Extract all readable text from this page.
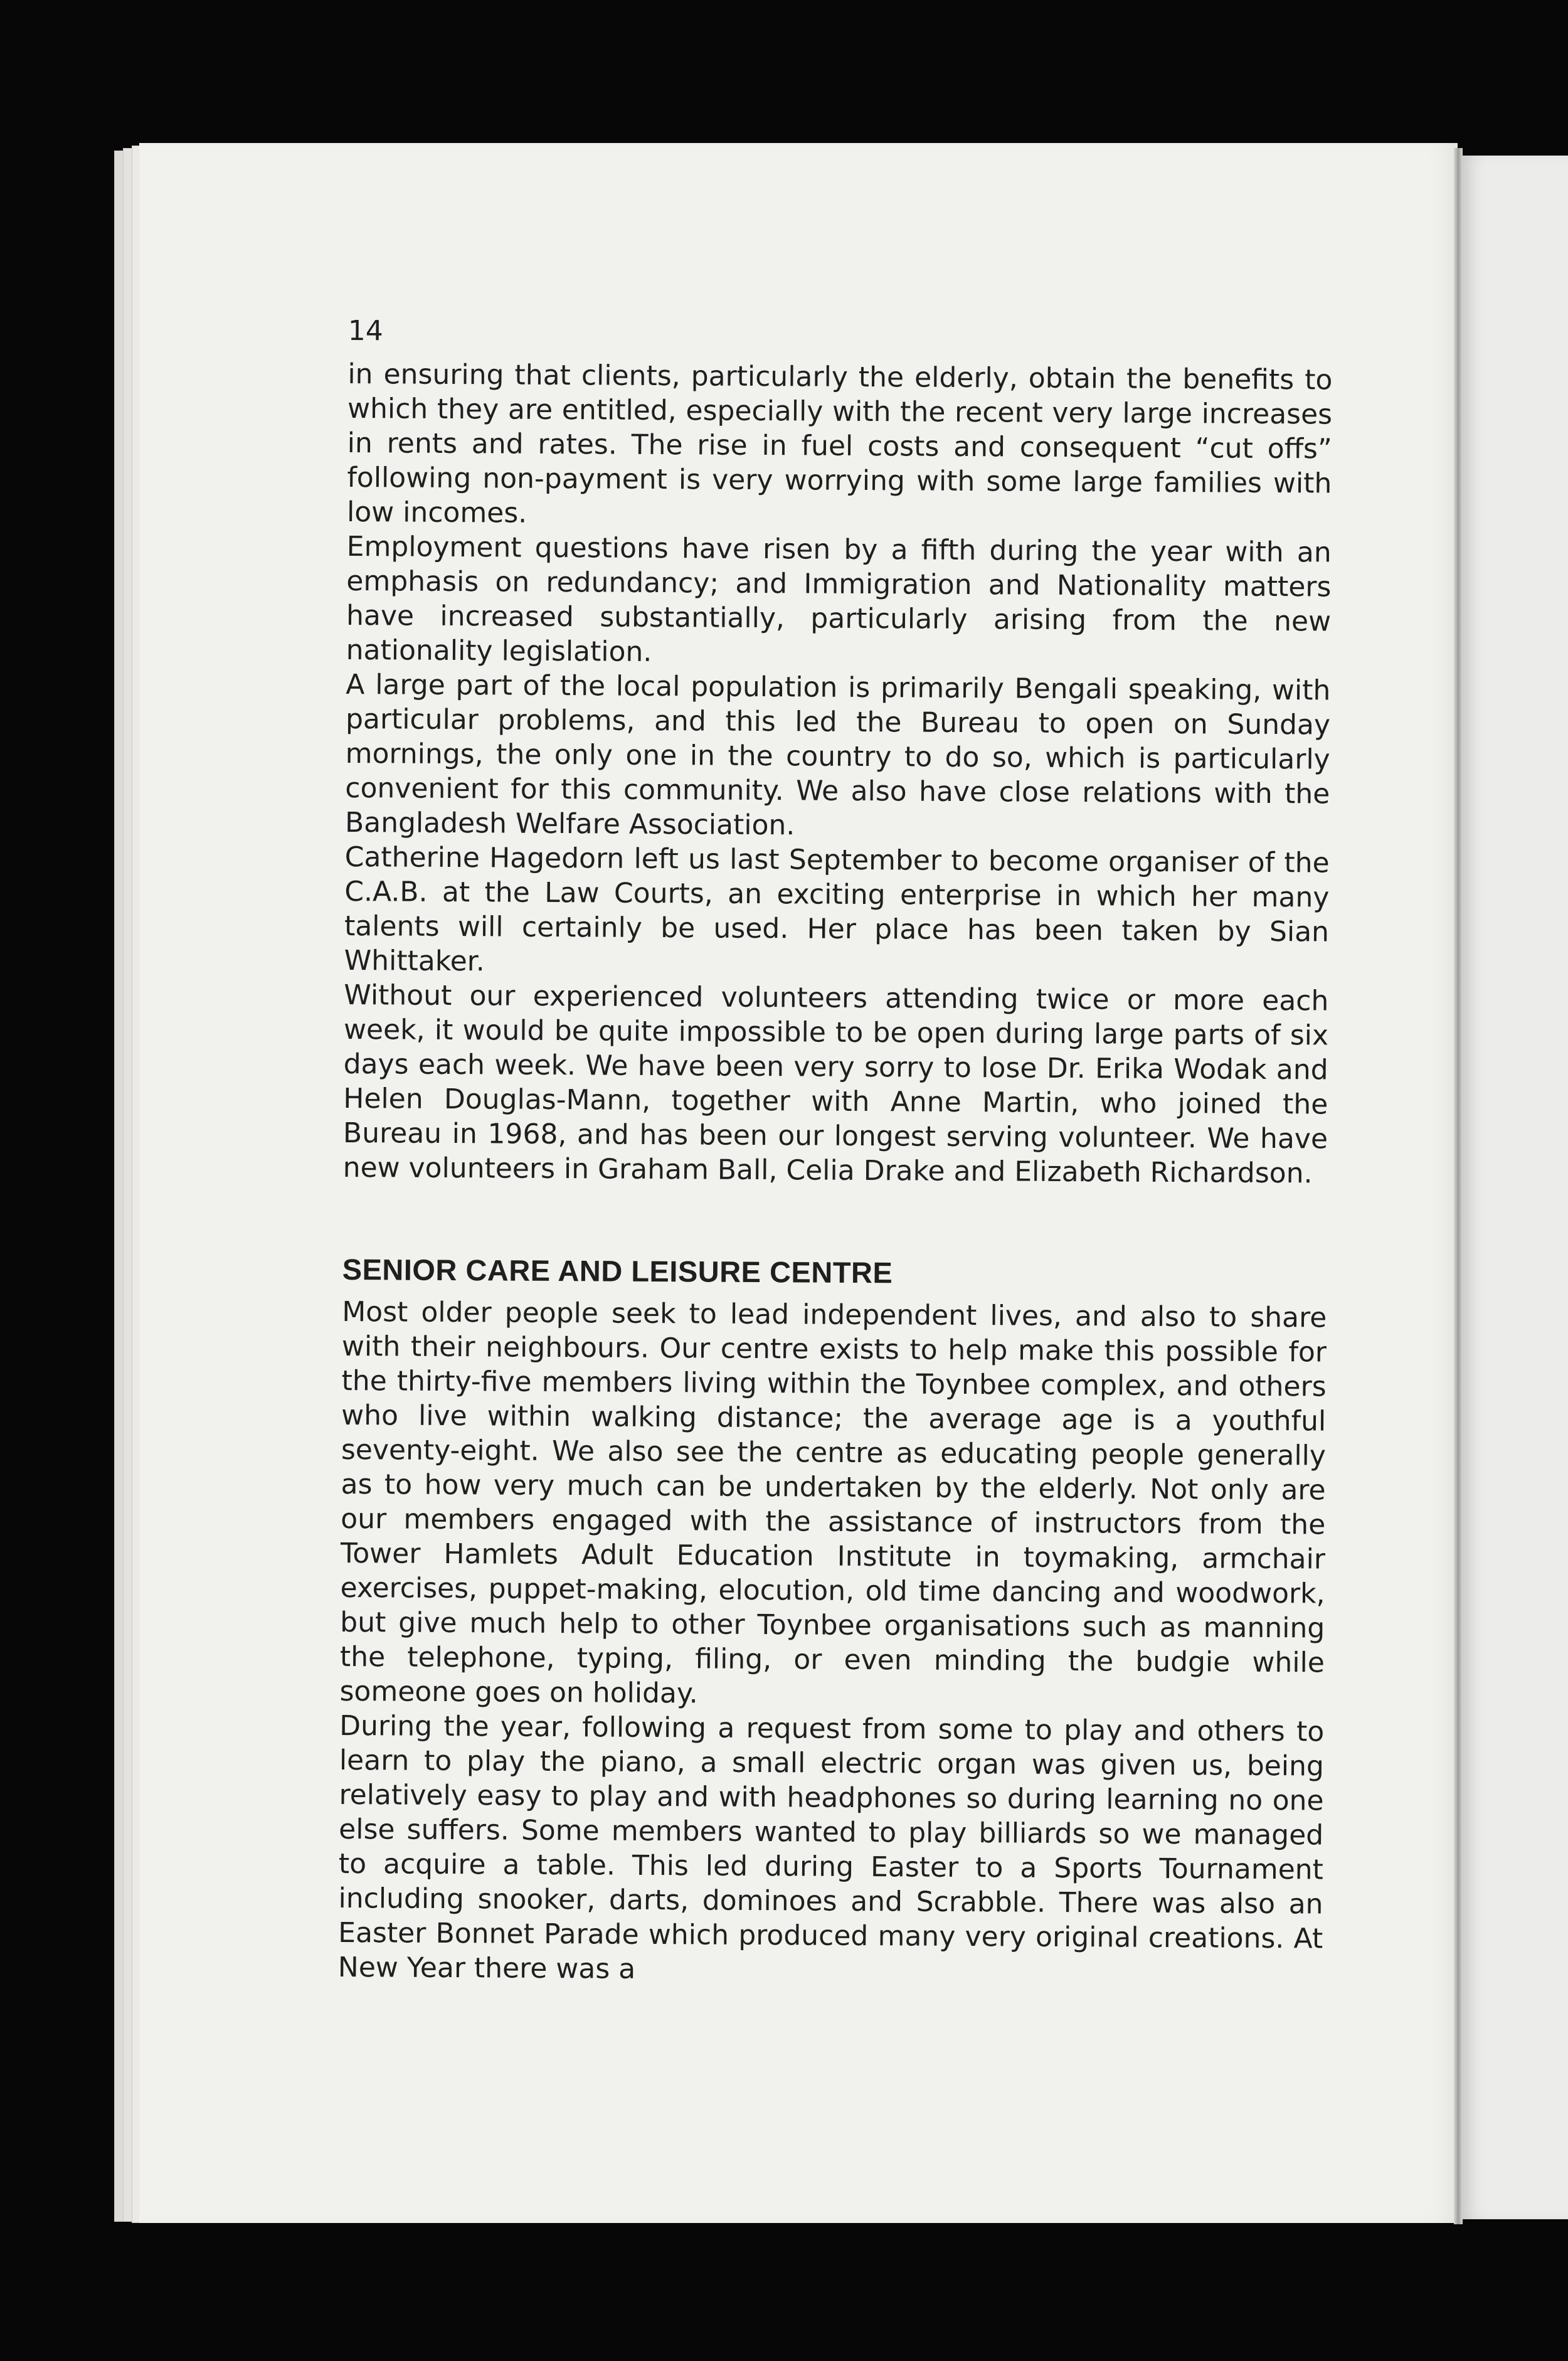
14

in ensuring that clients, particularly the elderly, obtain the benefits to which they are entitled, especially with the recent very large increases in rents and rates. The rise in fuel costs and consequent “cut offs” following non-payment is very worrying with some large families with low incomes.

Employment questions have risen by a fifth during the year with an emphasis on redundancy; and Immigration and Nationality matters have increased substantially, particularly arising from the new nationality legislation.

A large part of the local population is primarily Bengali speaking, with particular problems, and this led the Bureau to open on Sunday mornings, the only one in the country to do so, which is particularly convenient for this community. We also have close relations with the Bangladesh Welfare Association.

Catherine Hagedorn left us last September to become organiser of the C.A.B. at the Law Courts, an exciting enterprise in which her many talents will certainly be used. Her place has been taken by Sian Whittaker.

Without our experienced volunteers attending twice or more each week, it would be quite impossible to be open during large parts of six days each week. We have been very sorry to lose Dr. Erika Wodak and Helen Douglas-Mann, together with Anne Martin, who joined the Bureau in 1968, and has been our longest serving volunteer. We have new volunteers in Graham Ball, Celia Drake and Elizabeth Richardson.

SENIOR CARE AND LEISURE CENTRE

Most older people seek to lead independent lives, and also to share with their neighbours. Our centre exists to help make this possible for the thirty-five members living within the Toynbee complex, and others who live within walking distance; the average age is a youthful seventy-eight. We also see the centre as educating people generally as to how very much can be undertaken by the elderly. Not only are our members engaged with the assistance of instructors from the Tower Hamlets Adult Education Institute in toymaking, armchair exercises, puppet-making, elocution, old time dancing and woodwork, but give much help to other Toynbee organisations such as manning the telephone, typing, filing, or even minding the budgie while someone goes on holiday.

During the year, following a request from some to play and others to learn to play the piano, a small electric organ was given us, being relatively easy to play and with headphones so during learning no one else suffers. Some members wanted to play billiards so we managed to acquire a table. This led during Easter to a Sports Tournament including snooker, darts, dominoes and Scrabble. There was also an Easter Bonnet Parade which produced many very original creations. At New Year there was a
